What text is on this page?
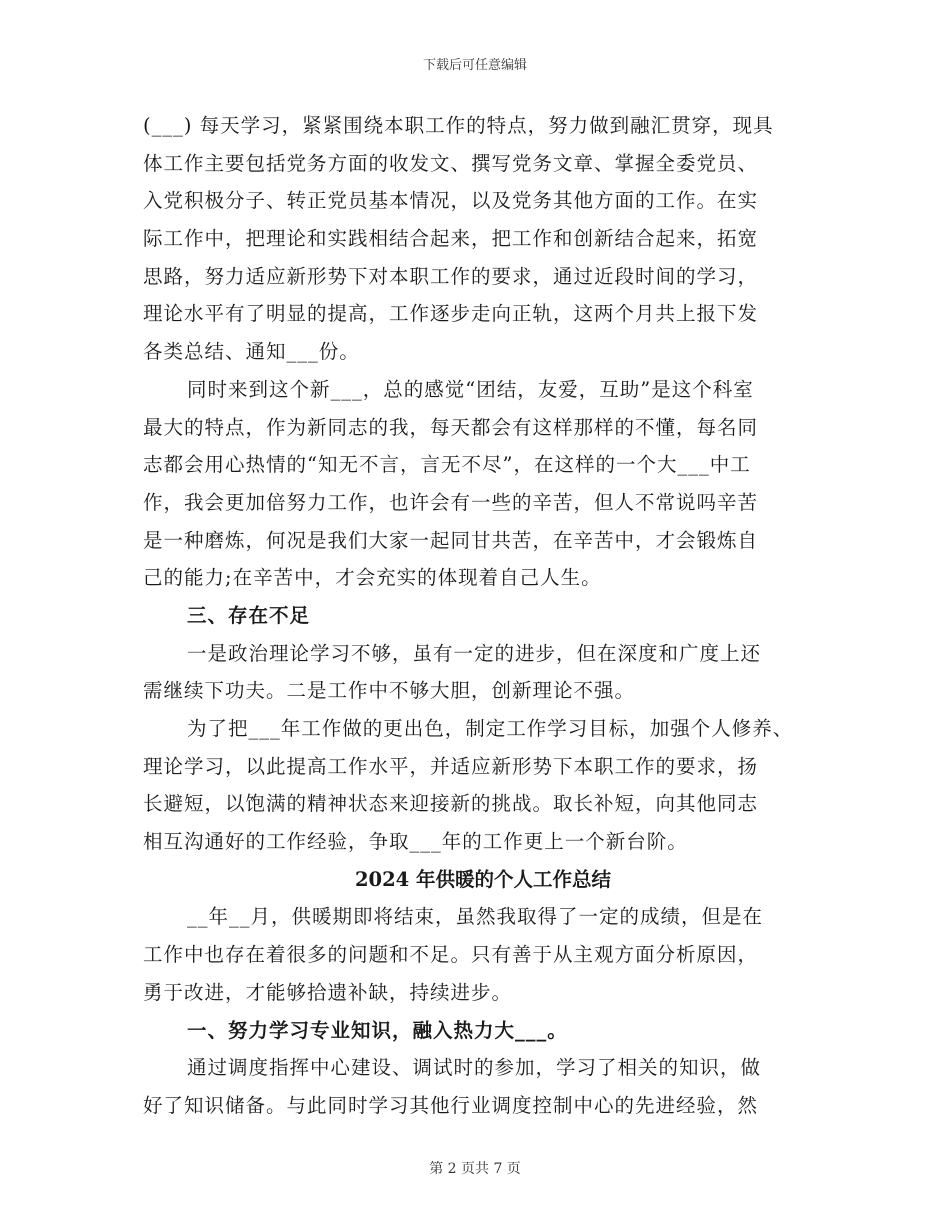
下载后可任意编辑
(___) 每天学习，紧紧围绕本职工作的特点，努力做到融汇贯穿，现具
体工作主要包括党务方面的收发文、撰写党务文章、掌握全委党员、
入党积极分子、转正党员基本情况，以及党务其他方面的工作。在实
际工作中，把理论和实践相结合起来，把工作和创新结合起来，拓宽
思路，努力适应新形势下对本职工作的要求，通过近段时间的学习，
理论水平有了明显的提高，工作逐步走向正轨，这两个月共上报下发
各类总结、通知___份。
同时来到这个新___，总的感觉“团结，友爱，互助”是这个科室
最大的特点，作为新同志的我，每天都会有这样那样的不懂，每名同
志都会用心热情的“知无不言，言无不尽”，在这样的一个大___中工
作，我会更加倍努力工作，也许会有一些的辛苦，但人不常说吗辛苦
是一种磨炼，何况是我们大家一起同甘共苦，在辛苦中，才会锻炼自
己的能力;在辛苦中，才会充实的体现着自己人生。
三、存在不足
一是政治理论学习不够，虽有一定的进步，但在深度和广度上还
需继续下功夫。二是工作中不够大胆，创新理论不强。
为了把___年工作做的更出色，制定工作学习目标，加强个人修养、
理论学习，以此提高工作水平，并适应新形势下本职工作的要求，扬
长避短，以饱满的精神状态来迎接新的挑战。取长补短，向其他同志
相互沟通好的工作经验，争取___年的工作更上一个新台阶。
2024 年供暖的个人工作总结
__年__月，供暖期即将结束，虽然我取得了一定的成绩，但是在
工作中也存在着很多的问题和不足。只有善于从主观方面分析原因，
勇于改进，才能够拾遗补缺，持续进步。
一、努力学习专业知识，融入热力大___。
通过调度指挥中心建设、调试时的参加，学习了相关的知识，做
好了知识储备。与此同时学习其他行业调度控制中心的先进经验，然
第 2 页共 7 页
